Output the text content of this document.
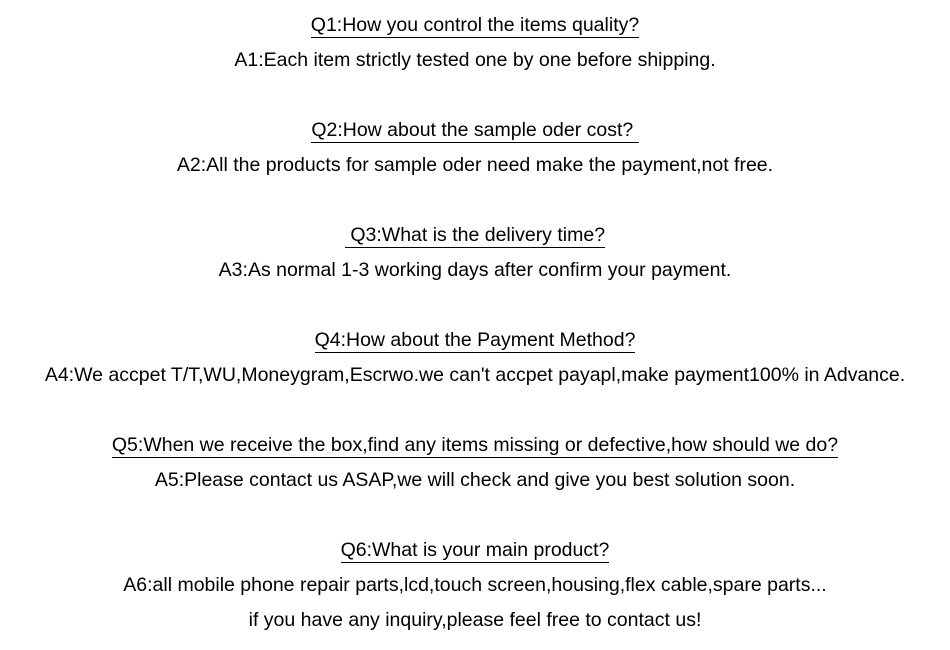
Q1:How you control the items quality?
A1:Each item strictly tested one by one before shipping.
Q2:How about the sample oder cost?
A2:All the products for sample oder need make the payment,not free.
Q3:What is the delivery time?
A3:As normal 1-3 working days after confirm your payment.
Q4:How about the Payment Method?
A4:We accpet T/T,WU,Moneygram,Escrwo.we can't accpet payapl,make payment100% in Advance.
Q5:When we receive the box,find any items missing or defective,how should we do?
A5:Please contact us ASAP,we will check and give you best solution soon.
Q6:What is your main product?
A6:all mobile phone repair parts,lcd,touch screen,housing,flex cable,spare parts...
if you have any inquiry,please feel free to contact us!
